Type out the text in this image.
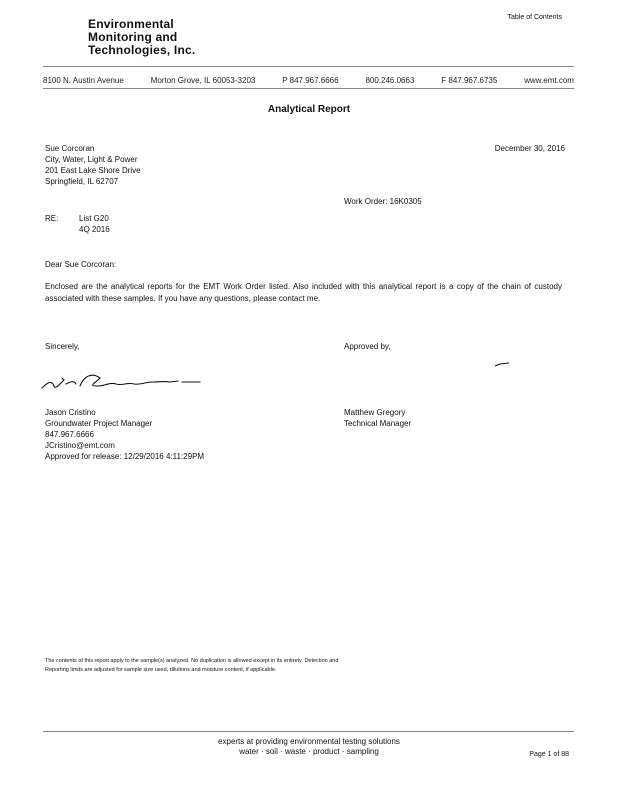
Environmental
Monitoring and
Technologies, Inc.
Table of Contents
8100 N. Austin Avenue	Morton Grove, IL 60053-3203	P 847.967.6666	800.246.0663	F 847.967.6735	www.emt.com
Analytical Report
Sue Corcoran
City, Water, Light & Power
201 East Lake Shore Drive
Springfield, IL 62707
December 30, 2016
Work Order: 16K0305
RE:	List G20
4Q 2016
Dear Sue Corcoran:
Enclosed are the analytical reports for the EMT Work Order listed. Also included with this analytical report is a copy of the chain of custody associated with these samples. If you have any questions, please contact me.
Sincerely,	Approved by,
Jason Cristino
Groundwater Project Manager
847.967.6666
JCristino@emt.com
Approved for release: 12/29/2016 4:11:29PM
Matthew Gregory
Technical Manager
The contents of this report apply to the sample(s) analyzed. No duplication is allowed except in its entirety. Detection and
Reporting limits are adjusted for sample size used, dilutions and moisture content, if applicable.
experts at providing environmental testing solutions
water · soil · waste · product · sampling	Page 1 of 88
